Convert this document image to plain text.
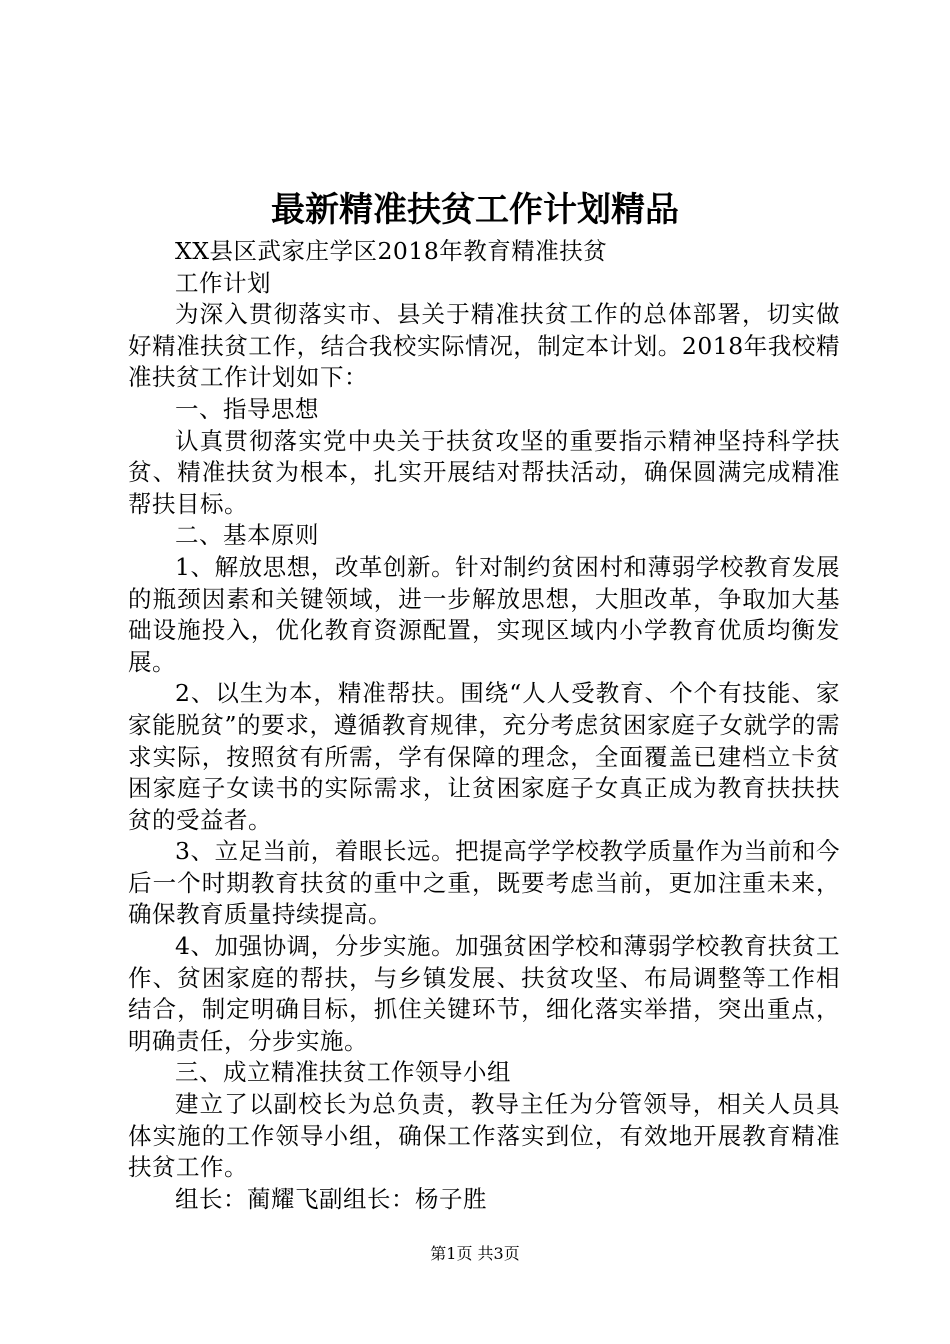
最新精准扶贫工作计划精品

XX县区武家庄学区2018年教育精准扶贫

工作计划

为深入贯彻落实市、县关于精准扶贫工作的总体部署，切实做好精准扶贫工作，结合我校实际情况，制定本计划。2018年我校精准扶贫工作计划如下：

一、指导思想

认真贯彻落实党中央关于扶贫攻坚的重要指示精神坚持科学扶贫、精准扶贫为根本，扎实开展结对帮扶活动，确保圆满完成精准帮扶目标。

二、基本原则

1、解放思想，改革创新。针对制约贫困村和薄弱学校教育发展的瓶颈因素和关键领域，进一步解放思想，大胆改革，争取加大基础设施投入，优化教育资源配置，实现区域内小学教育优质均衡发展。

2、以生为本，精准帮扶。围绕“人人受教育、个个有技能、家家能脱贫”的要求，遵循教育规律，充分考虑贫困家庭子女就学的需求实际，按照贫有所需，学有保障的理念，全面覆盖已建档立卡贫困家庭子女读书的实际需求，让贫困家庭子女真正成为教育扶扶扶贫的受益者。

3、立足当前，着眼长远。把提高学学校教学质量作为当前和今后一个时期教育扶贫的重中之重，既要考虑当前，更加注重未来，确保教育质量持续提高。

4、加强协调，分步实施。加强贫困学校和薄弱学校教育扶贫工作、贫困家庭的帮扶，与乡镇发展、扶贫攻坚、布局调整等工作相结合，制定明确目标，抓住关键环节，细化落实举措，突出重点，明确责任，分步实施。

三、成立精准扶贫工作领导小组

建立了以副校长为总负责，教导主任为分管领导，相关人员具体实施的工作领导小组，确保工作落实到位，有效地开展教育精准扶贫工作。

组长：蔺耀飞副组长：杨子胜

第1页 共3页
